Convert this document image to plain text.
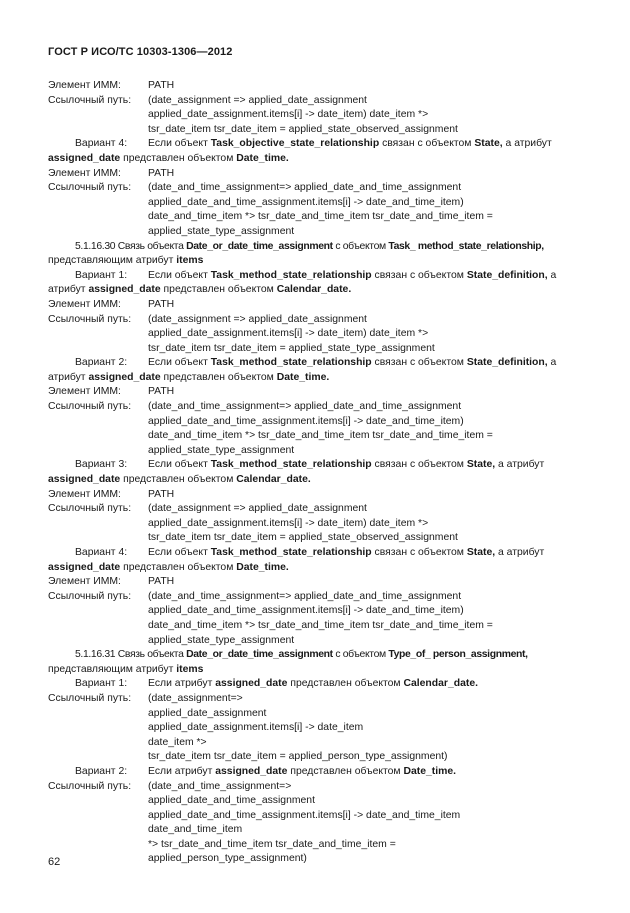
ГОСТ Р ИСО/ТС 10303-1306—2012
Элемент ИММ:	PATH
Ссылочный путь:	(date_assignment => applied_date_assignment
applied_date_assignment.items[i] -> date_item) date_item *>
tsr_date_item tsr_date_item = applied_state_observed_assignment
Вариант 4:	Если объект Task_objective_state_relationship связан с объектом State, а атрибут
assigned_date представлен объектом Date_time.
Элемент ИММ:	PATH
Ссылочный путь:	(date_and_time_assignment=> applied_date_and_time_assignment
applied_date_and_time_assignment.items[i] -> date_and_time_item)
date_and_time_item *> tsr_date_and_time_item tsr_date_and_time_item =
applied_state_type_assignment
5.1.16.30 Связь объекта Date_or_date_time_assignment с объектом Task_ method_state_relationship,
представляющим атрибут items
Вариант 1:	Если объект Task_method_state_relationship связан с объектом State_definition, а
атрибут assigned_date представлен объектом Calendar_date.
Элемент ИММ:	PATH
Ссылочный путь:	(date_assignment => applied_date_assignment
applied_date_assignment.items[i] -> date_item) date_item *>
tsr_date_item tsr_date_item = applied_state_type_assignment
Вариант 2:	Если объект Task_method_state_relationship связан с объектом State_definition, а
атрибут assigned_date представлен объектом Date_time.
Элемент ИММ:	PATH
Ссылочный путь:	(date_and_time_assignment=> applied_date_and_time_assignment
applied_date_and_time_assignment.items[i] -> date_and_time_item)
date_and_time_item *> tsr_date_and_time_item tsr_date_and_time_item =
applied_state_type_assignment
Вариант 3:	Если объект Task_method_state_relationship связан с объектом State, а атрибут
assigned_date представлен объектом Calendar_date.
Элемент ИММ:	PATH
Ссылочный путь:	(date_assignment => applied_date_assignment
applied_date_assignment.items[i] -> date_item) date_item *>
tsr_date_item tsr_date_item = applied_state_observed_assignment
Вариант 4:	Если объект Task_method_state_relationship связан с объектом State, а атрибут
assigned_date представлен объектом Date_time.
Элемент ИММ:	PATH
Ссылочный путь:	(date_and_time_assignment=> applied_date_and_time_assignment
applied_date_and_time_assignment.items[i] -> date_and_time_item)
date_and_time_item *> tsr_date_and_time_item tsr_date_and_time_item =
applied_state_type_assignment
5.1.16.31 Связь объекта Date_or_date_time_assignment с объектом Type_of_ person_assignment,
представляющим атрибут items
Вариант 1:	Если атрибут assigned_date представлен объектом Calendar_date.
Ссылочный путь:	(date_assignment=>
applied_date_assignment
applied_date_assignment.items[i] -> date_item
date_item *>
tsr_date_item tsr_date_item = applied_person_type_assignment)
Вариант 2:	Если атрибут assigned_date представлен объектом Date_time.
Ссылочный путь:	(date_and_time_assignment=>
applied_date_and_time_assignment
applied_date_and_time_assignment.items[i] -> date_and_time_item
date_and_time_item
*> tsr_date_and_time_item tsr_date_and_time_item =
applied_person_type_assignment)
62
